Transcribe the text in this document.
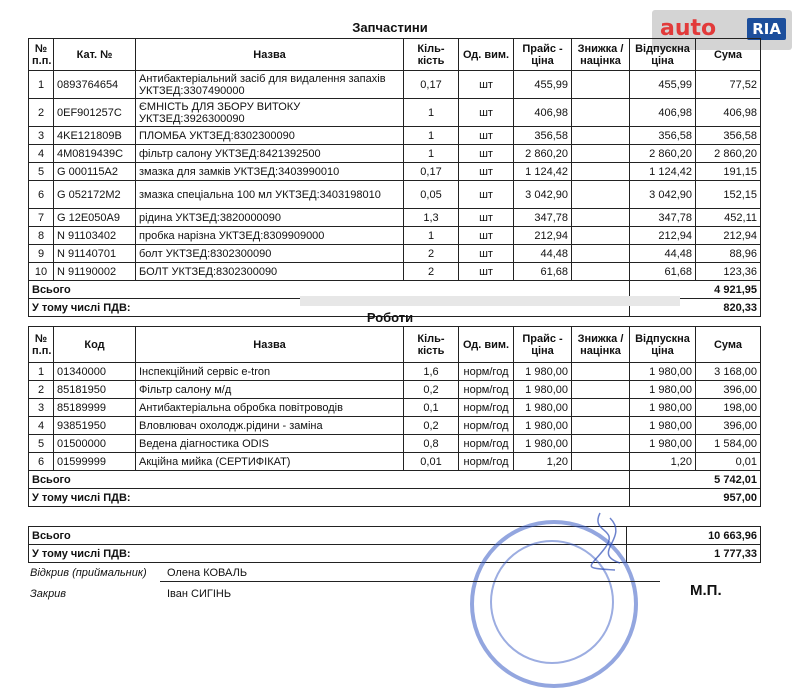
auto	RIA
Запчастини
№ п.п.	Кат. №	Назва	Кіль-кість	Од. вим.	Прайс - ціна	Знижка / націнка	Відпускна ціна	Сума
1	0893764654	Антибактеріальний засіб для видалення запахів УКТЗЕД:3307490000	0,17	шт	455,99		455,99	77,52
2	0EF901257C	ЄМНІСТЬ ДЛЯ ЗБОРУ ВИТОКУ УКТЗЕД:3926300090	1	шт	406,98		406,98	406,98
3	4KE121809B	ПЛОМБА УКТЗЕД:8302300090	1	шт	356,58		356,58	356,58
4	4M0819439C	фільтр салону УКТЗЕД:8421392500	1	шт	2 860,20		2 860,20	2 860,20
5	G 000115A2	змазка для замків УКТЗЕД:3403990010	0,17	шт	1 124,42		1 124,42	191,15
6	G 052172M2	змазка спеціальна 100 мл УКТЗЕД:3403198010	0,05	шт	3 042,90		3 042,90	152,15
7	G 12E050A9	рідина УКТЗЕД:3820000090	1,3	шт	347,78		347,78	452,11
8	N 91103402	пробка нарізна УКТЗЕД:8309909000	1	шт	212,94		212,94	212,94
9	N 91140701	болт УКТЗЕД:8302300090	2	шт	44,48		44,48	88,96
10	N 91190002	БОЛТ УКТЗЕД:8302300090	2	шт	61,68		61,68	123,36
Всього							4 921,95	
У тому числі ПДВ:							820,33	
Роботи
№ п.п.	Код	Назва	Кіль-кість	Од. вим.	Прайс - ціна	Знижка / націнка	Відпускна ціна	Сума
1	01340000	Інспекційний сервіс e-tron	1,6	норм/год	1 980,00		1 980,00	3 168,00
2	85181950	Фільтр салону м/д	0,2	норм/год	1 980,00		1 980,00	396,00
3	85189999	Антибактеріальна обробка повітроводів	0,1	норм/год	1 980,00		1 980,00	198,00
4	93851950	Вловлювач охолодж.рідини - заміна	0,2	норм/год	1 980,00		1 980,00	396,00
5	01500000	Ведена діагностика ODIS	0,8	норм/год	1 980,00		1 980,00	1 584,00
6	01599999	Акційна мийка (СЕРТИФІКАТ)	0,01	норм/год	1,20		1,20	0,01
Всього							5 742,01	
У тому числі ПДВ:							957,00	
Всього	10 663,96
У тому числі ПДВ:	1 777,33
Відкрив (приймальник) Олена КОВАЛЬ
Закрив	Іван СИГІНЬ	М.П.
